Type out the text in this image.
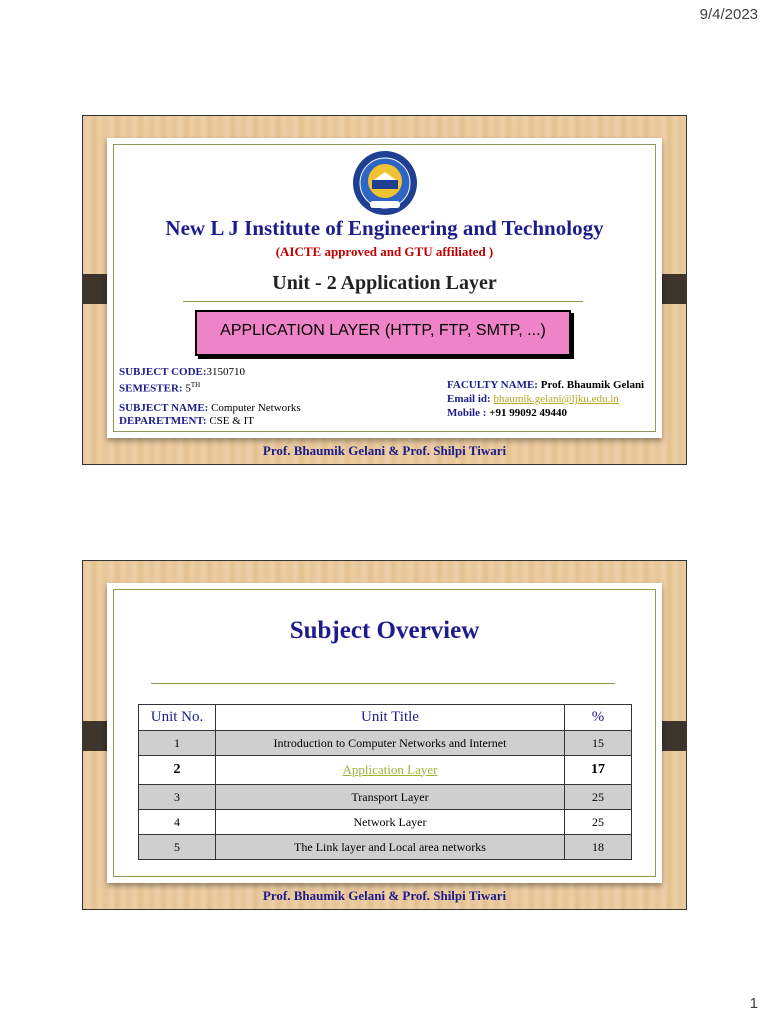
9/4/2023
New L J Institute of Engineering and Technology
(AICTE approved and GTU affiliated )
Unit - 2 Application Layer
APPLICATION LAYER (HTTP, FTP, SMTP, ...)
SUBJECT CODE:3150710
SEMESTER: 5TH
SUBJECT NAME: Computer Networks
DEPARETMENT: CSE & IT
FACULTY NAME: Prof. Bhaumik Gelani
Email id: bhaumik.gelani@ljku.edu.in
Mobile : +91 99092 49440
Prof. Bhaumik Gelani & Prof. Shilpi Tiwari
Subject Overview
Unit No.	Unit Title	%
1	Introduction to Computer Networks and Internet	15
2	Application Layer	17
3	Transport Layer	25
4	Network Layer	25
5	The Link layer and Local area networks	18
Prof. Bhaumik Gelani & Prof. Shilpi Tiwari
1
